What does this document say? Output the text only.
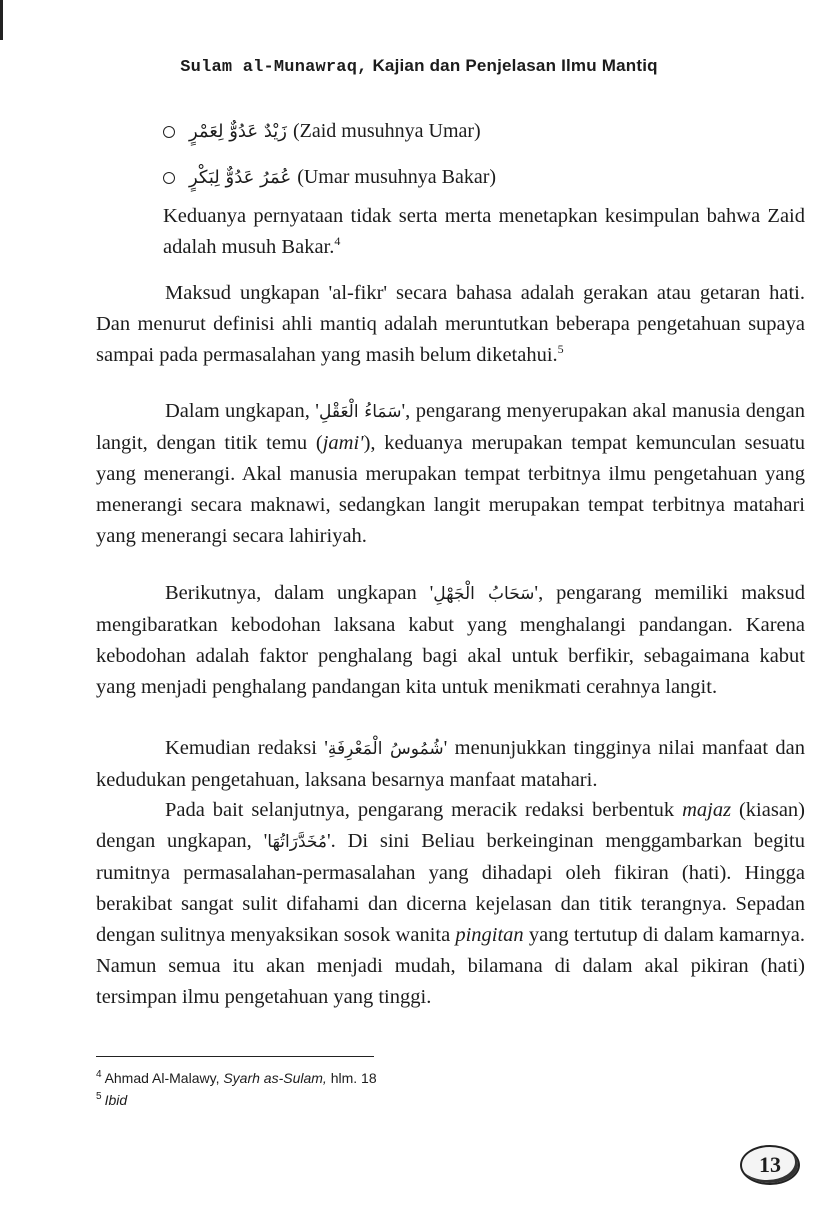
Sulam al-Munawraq, Kajian dan Penjelasan Ilmu Mantiq
زَيْدٌ عَدُوٌّ لِعَمْرٍ (Zaid musuhnya Umar)
عُمَرُ عَدُوٌّ لِبَكْرٍ (Umar musuhnya Bakar)
Keduanya pernyataan tidak serta merta menetapkan kesimpulan bahwa Zaid adalah musuh Bakar.$^4$
Maksud ungkapan 'al-fikr' secara bahasa adalah gerakan atau getaran hati. Dan menurut definisi ahli mantiq adalah meruntutkan beberapa pengetahuan supaya sampai pada permasalahan yang masih belum diketahui.$^5$
Dalam ungkapan, 'سَمَاءُ الْعَقْلِ', pengarang menyerupakan akal manusia dengan langit, dengan titik temu (jami'), keduanya merupakan tempat kemunculan sesuatu yang menerangi. Akal manusia merupakan tempat terbitnya ilmu pengetahuan yang menerangi secara maknawi, sedangkan langit merupakan tempat terbitnya matahari yang menerangi secara lahiriyah.
Berikutnya, dalam ungkapan 'سَحَابُ الْجَهْلِ', pengarang memiliki maksud mengibaratkan kebodohan laksana kabut yang menghalangi pandangan. Karena kebodohan adalah faktor penghalang bagi akal untuk berfikir, sebagaimana kabut yang menjadi penghalang pandangan kita untuk menikmati cerahnya langit.
Kemudian redaksi 'شُمُوسُ الْمَعْرِفَةِ' menunjukkan tingginya nilai manfaat dan kedudukan pengetahuan, laksana besarnya manfaat matahari.
Pada bait selanjutnya, pengarang meracik redaksi berbentuk majaz (kiasan) dengan ungkapan, 'مُخَدَّرَاتُهَا'. Di sini Beliau berkeinginan menggambarkan begitu rumitnya permasalahan-permasalahan yang dihadapi oleh fikiran (hati). Hingga berakibat sangat sulit difahami dan dicerna kejelasan dan titik terangnya. Sepadan dengan sulitnya menyaksikan sosok wanita pingitan yang tertutup di dalam kamarnya. Namun semua itu akan menjadi mudah, bilamana di dalam akal pikiran (hati) tersimpan ilmu pengetahuan yang tinggi.
$^4$ Ahmad Al-Malawy, Syarh as-Sulam, hlm. 18
$^5$ Ibid
13
